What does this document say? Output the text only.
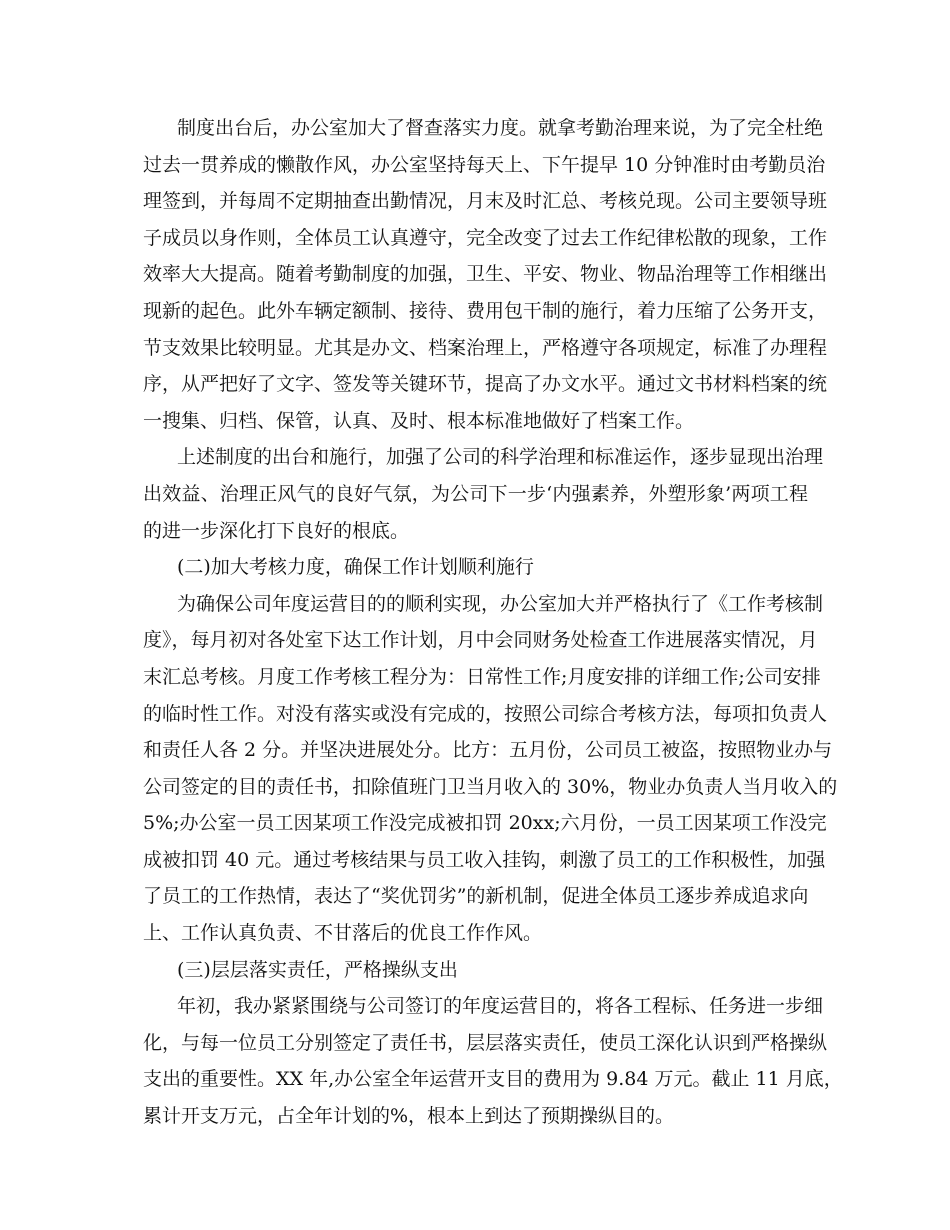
制度出台后，办公室加大了督查落实力度。就拿考勤治理来说，为了完全杜绝
过去一贯养成的懒散作风，办公室坚持每天上、下午提早 10 分钟准时由考勤员治
理签到，并每周不定期抽查出勤情况，月末及时汇总、考核兑现。公司主要领导班
子成员以身作则，全体员工认真遵守，完全改变了过去工作纪律松散的现象，工作
效率大大提高。随着考勤制度的加强，卫生、平安、物业、物品治理等工作相继出
现新的起色。此外车辆定额制、接待、费用包干制的施行，着力压缩了公务开支，
节支效果比较明显。尤其是办文、档案治理上，严格遵守各项规定，标准了办理程
序，从严把好了文字、签发等关键环节，提高了办文水平。通过文书材料档案的统
一搜集、归档、保管，认真、及时、根本标准地做好了档案工作。
上述制度的出台和施行，加强了公司的科学治理和标准运作，逐步显现出治理
出效益、治理正风气的良好气氛，为公司下一步‘内强素养，外塑形象’两项工程
的进一步深化打下良好的根底。
(二)加大考核力度，确保工作计划顺利施行
为确保公司年度运营目的的顺利实现，办公室加大并严格执行了《工作考核制
度》，每月初对各处室下达工作计划，月中会同财务处检查工作进展落实情况，月
末汇总考核。月度工作考核工程分为：日常性工作;月度安排的详细工作;公司安排
的临时性工作。对没有落实或没有完成的，按照公司综合考核方法，每项扣负责人
和责任人各 2 分。并坚决进展处分。比方：五月份，公司员工被盗，按照物业办与
公司签定的目的责任书，扣除值班门卫当月收入的 30%，物业办负责人当月收入的
5%;办公室一员工因某项工作没完成被扣罚 20xx;六月份，一员工因某项工作没完
成被扣罚 40 元。通过考核结果与员工收入挂钩，刺激了员工的工作积极性，加强
了员工的工作热情，表达了“奖优罚劣”的新机制，促进全体员工逐步养成追求向
上、工作认真负责、不甘落后的优良工作作风。
(三)层层落实责任，严格操纵支出
年初，我办紧紧围绕与公司签订的年度运营目的，将各工程标、任务进一步细
化，与每一位员工分别签定了责任书，层层落实责任，使员工深化认识到严格操纵
支出的重要性。XX 年,办公室全年运营开支目的费用为 9.84 万元。截止 11 月底，
累计开支万元，占全年计划的%，根本上到达了预期操纵目的。
